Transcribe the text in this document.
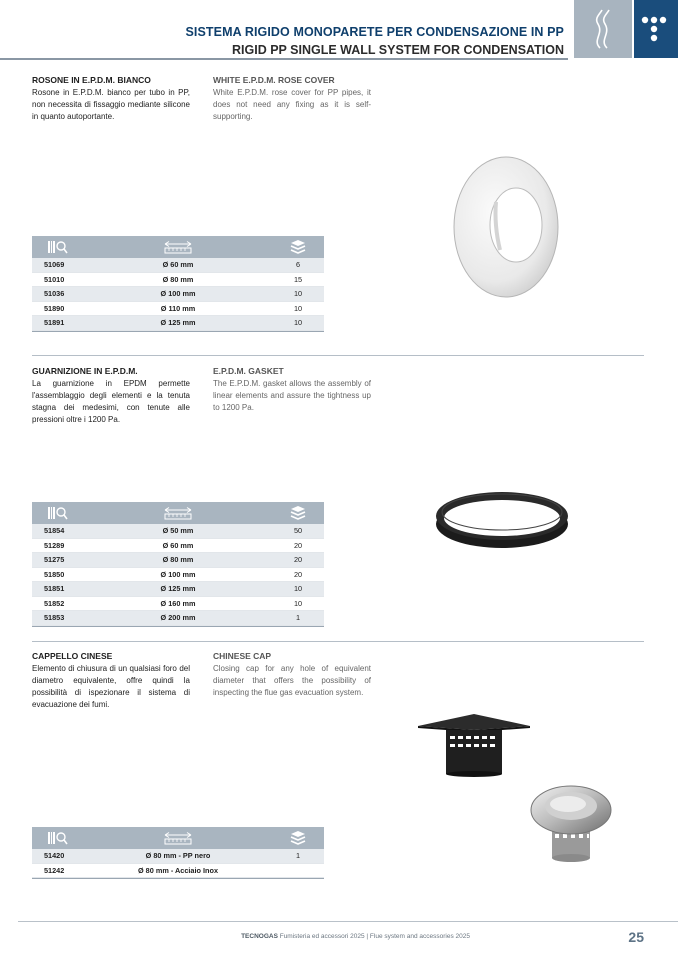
SISTEMA RIGIDO MONOPARETE PER CONDENSAZIONE IN PP
RIGID PP SINGLE WALL SYSTEM FOR CONDENSATION
ROSONE IN E.P.D.M. BIANCO
Rosone in E.P.D.M. bianco per tubo in PP, non necessita di fissaggio mediante silicone in quanto autoportante.
WHITE E.P.D.M. ROSE COVER
White E.P.D.M. rose cover for PP pipes, it does not need any fixing as it is self-supporting.
51069	Ø 60 mm	6
51010	Ø 80 mm	15
51036	Ø 100 mm	10
51890	Ø 110 mm	10
51891	Ø 125 mm	10
GUARNIZIONE IN E.P.D.M.
La guarnizione in EPDM permette l'assemblaggio degli elementi e la tenuta stagna dei medesimi, con tenute alle pressioni oltre i 1200 Pa.
E.P.D.M. GASKET
The E.P.D.M. gasket allows the assembly of linear elements and assure the tightness up to 1200 Pa.
51854	Ø 50 mm	50
51289	Ø 60 mm	20
51275	Ø 80 mm	20
51850	Ø 100 mm	20
51851	Ø 125 mm	10
51852	Ø 160 mm	10
51853	Ø 200 mm	1
CAPPELLO CINESE
Elemento di chiusura di un qualsiasi foro del diametro equivalente, offre quindi la possibilità di ispezionare il sistema di evacuazione dei fumi.
CHINESE CAP
Closing cap for any hole of equivalent diameter that offers the possibility of inspecting the flue gas evacuation system.
51420	Ø 80 mm - PP nero	1
51242	Ø 80 mm - Acciaio Inox
TECNOGAS Fumisteria ed accessori 2025 | Flue system and accessories 2025	25
